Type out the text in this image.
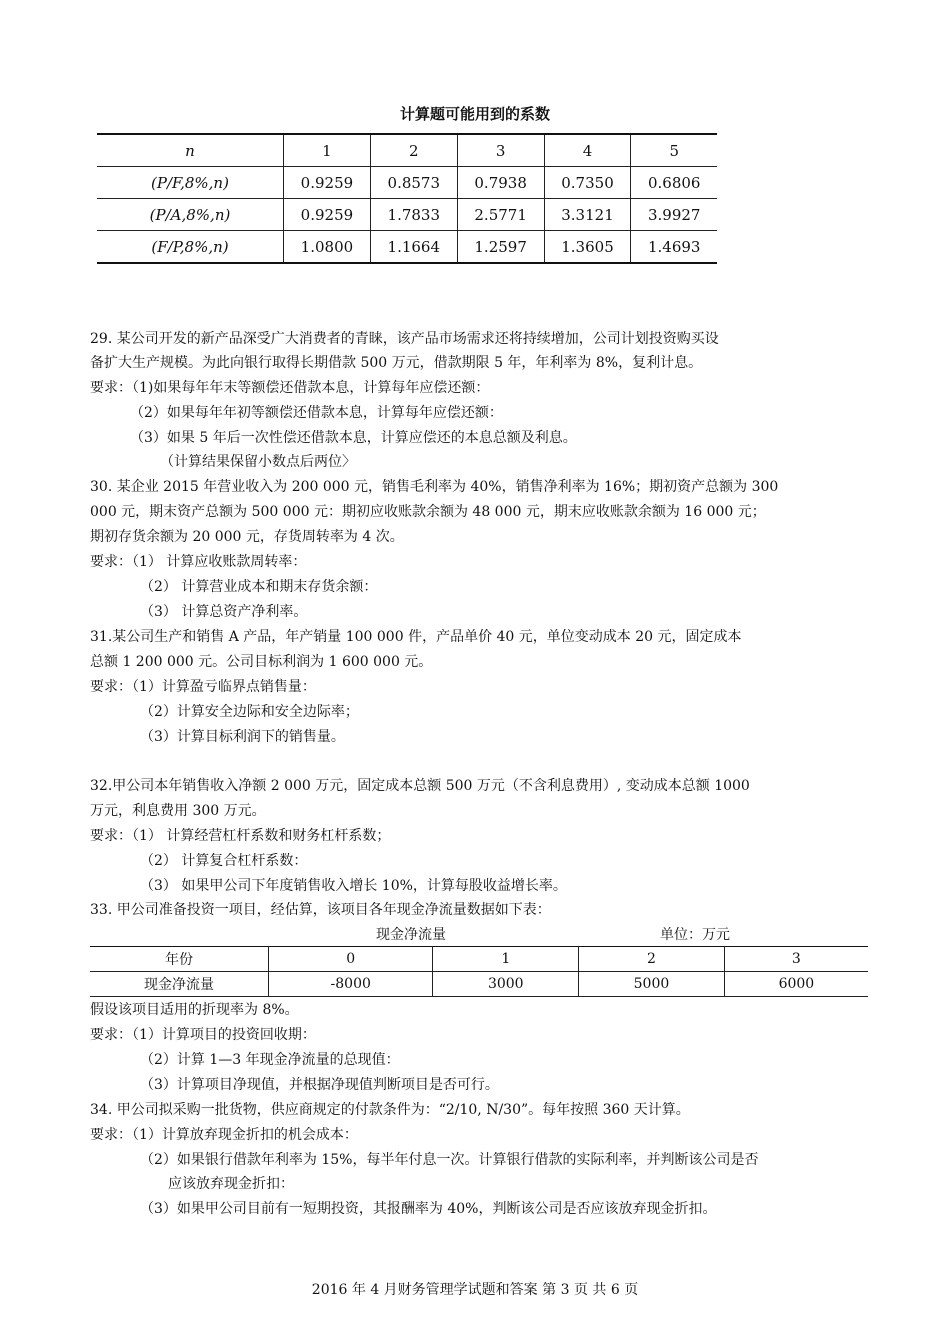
计算题可能用到的系数
n	1	2	3	4	5
(P/F,8%,n)	0.9259	0.8573	0.7938	0.7350	0.6806
(P/A,8%,n)	0.9259	1.7833	2.5771	3.3121	3.9927
(F/P,8%,n)	1.0800	1.1664	1.2597	1.3605	1.4693
29. 某公司开发的新产品深受广大消费者的青睐，该产品市场需求还将持续增加，公司计划投资购买设
备扩大生产规模。为此向银行取得长期借款 500 万元，借款期限 5 年，年利率为 8%，复利计息。
要求：（1)如果每年年末等额偿还借款本息，计算每年应偿还额：
（2）如果每年年初等额偿还借款本息，计算每年应偿还额：
（3）如果 5 年后一次性偿还借款本息，计算应偿还的本息总额及利息。
（计算结果保留小数点后两位〉
30. 某企业 2015 年营业收入为 200 000 元，销售毛利率为 40%，销售净利率为 16%；期初资产总额为 300
000 元，期末资产总额为 500 000 元：期初应收账款余额为 48 000 元，期末应收账款余额为 16 000 元；
期初存货余额为 20 000 元，存货周转率为 4 次。
要求：（1） 计算应收账款周转率：
（2） 计算营业成本和期末存货余额：
（3） 计算总资产净利率。
31.某公司生产和销售 A 产品，年产销量 100 000 件，产品单价 40 元，单位变动成本 20 元，固定成本
总额 1 200 000 元。公司目标利润为 1 600 000 元。
要求：（1）计算盈亏临界点销售量：
（2）计算安全边际和安全边际率；
（3）计算目标利润下的销售量。
32.甲公司本年销售收入净额 2 000 万元，固定成本总额 500 万元（不含利息费用）, 变动成本总额 1000
万元，利息费用 300 万元。
要求：（1） 计算经营杠杆系数和财务杠杆系数；
（2） 计算复合杠杆系数：
（3） 如果甲公司下年度销售收入增长 10%，计算每股收益增长率。
33. 甲公司准备投资一项目，经估算，该项目各年现金净流量数据如下表：
现金净流量	单位：万元
年份	0	1	2	3
现金净流量	-8000	3000	5000	6000
假设该项目适用的折现率为 8%。
要求：（1）计算项目的投资回收期：
（2）计算 1—3 年现金净流量的总现值：
（3）计算项目净现值，并根据净现值判断项目是否可行。
34. 甲公司拟采购一批货物，供应商规定的付款条件为：“2/10, N/30”。每年按照 360 天计算。
要求：（1）计算放弃现金折扣的机会成本：
（2）如果银行借款年利率为 15%，每半年付息一次。计算银行借款的实际利率，并判断该公司是否
应该放弃现金折扣：
（3）如果甲公司目前有一短期投资，其报酬率为 40%，判断该公司是否应该放弃现金折扣。
2016 年 4 月财务管理学试题和答案 第 3 页 共 6 页
